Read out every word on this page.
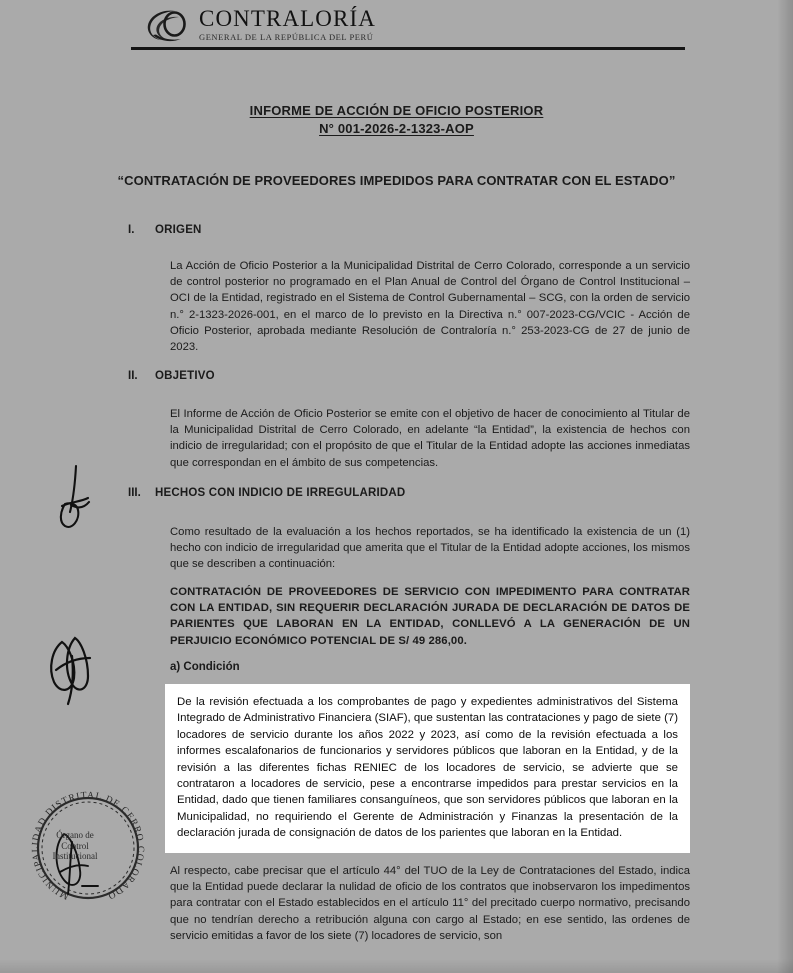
CONTRALORÍA
GENERAL DE LA REPÚBLICA DEL PERÚ
INFORME DE ACCIÓN DE OFICIO POSTERIOR
N° 001-2026-2-1323-AOP
“CONTRATACIÓN DE PROVEEDORES IMPEDIDOS PARA CONTRATAR CON EL ESTADO”
I. ORIGEN
La Acción de Oficio Posterior a la Municipalidad Distrital de Cerro Colorado, corresponde a un servicio de control posterior no programado en el Plan Anual de Control del Órgano de Control Institucional – OCI de la Entidad, registrado en el Sistema de Control Gubernamental – SCG, con la orden de servicio n.° 2-1323-2026-001, en el marco de lo previsto en la Directiva n.° 007-2023-CG/VCIC - Acción de Oficio Posterior, aprobada mediante Resolución de Contraloría n.° 253-2023-CG de 27 de junio de 2023.
II. OBJETIVO
El Informe de Acción de Oficio Posterior se emite con el objetivo de hacer de conocimiento al Titular de la Municipalidad Distrital de Cerro Colorado, en adelante “la Entidad”, la existencia de hechos con indicio de irregularidad; con el propósito de que el Titular de la Entidad adopte las acciones inmediatas que correspondan en el ámbito de sus competencias.
III. HECHOS CON INDICIO DE IRREGULARIDAD
Como resultado de la evaluación a los hechos reportados, se ha identificado la existencia de un (1) hecho con indicio de irregularidad que amerita que el Titular de la Entidad adopte acciones, los mismos que se describen a continuación:
CONTRATACIÓN DE PROVEEDORES DE SERVICIO CON IMPEDIMENTO PARA CONTRATAR CON LA ENTIDAD, SIN REQUERIR DECLARACIÓN JURADA DE DECLARACIÓN DE DATOS DE PARIENTES QUE LABORAN EN LA ENTIDAD, CONLLEVÓ A LA GENERACIÓN DE UN PERJUICIO ECONÓMICO POTENCIAL DE S/ 49 286,00.
a) Condición
De la revisión efectuada a los comprobantes de pago y expedientes administrativos del Sistema Integrado de Administrativo Financiera (SIAF), que sustentan las contrataciones y pago de siete (7) locadores de servicio durante los años 2022 y 2023, así como de la revisión efectuada a los informes escalafonarios de funcionarios y servidores públicos que laboran en la Entidad, y de la revisión a las diferentes fichas RENIEC de los locadores de servicio, se advierte que se contrataron a locadores de servicio, pese a encontrarse impedidos para prestar servicios en la Entidad, dado que tienen familiares consanguíneos, que son servidores públicos que laboran en la Municipalidad, no requiriendo el Gerente de Administración y Finanzas la presentación de la declaración jurada de consignación de datos de los parientes que laboran en la Entidad.
Al respecto, cabe precisar que el artículo 44° del TUO de la Ley de Contrataciones del Estado, indica que la Entidad puede declarar la nulidad de oficio de los contratos que inobservaron los impedimentos para contratar con el Estado establecidos en el artículo 11° del precitado cuerpo normativo, precisando que no tendrían derecho a retribución alguna con cargo al Estado; en ese sentido, las ordenes de servicio emitidas a favor de los siete (7) locadores de servicio, son
MUNICIPALIDAD DISTRITAL DE CERRO COLORADO
Órgano de
Control
Institucional
